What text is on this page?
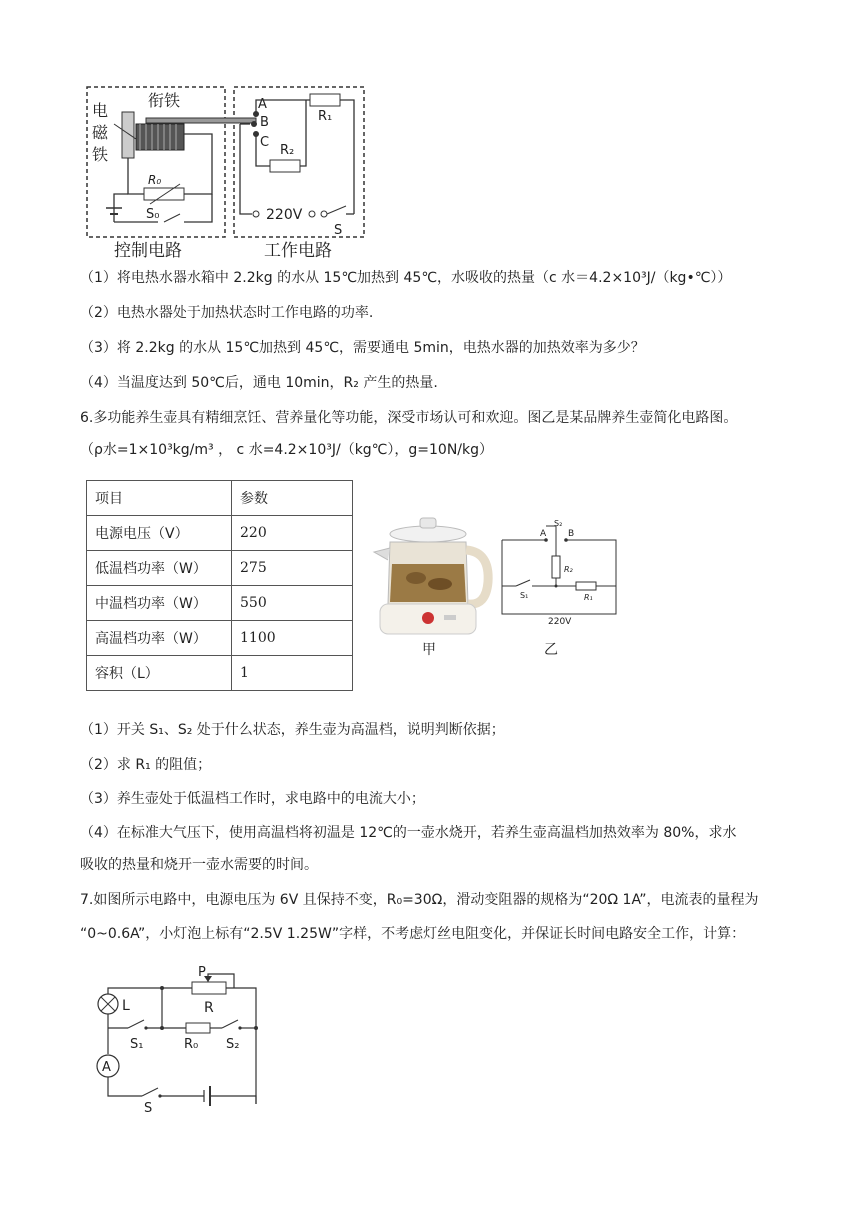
电
磁
铁
衔铁
R₀
S₀
A
B
C
R₁
R₂
220V
S
控制电路	工作电路
（1）将电热水器水箱中 2.2kg 的水从 15℃加热到 45℃，水吸收的热量（c 水＝4.2×10³J/（kg•℃））
（2）电热水器处于加热状态时工作电路的功率.
（3）将 2.2kg 的水从 15℃加热到 45℃，需要通电 5min，电热水器的加热效率为多少？
（4）当温度达到 50℃后，通电 10min，R₂ 产生的热量.
6.多功能养生壶具有精细烹饪、营养量化等功能，深受市场认可和欢迎。图乙是某品牌养生壶简化电路图。
（ρ水=1×10³kg/m³ ， c 水=4.2×10³J/（kg℃），g=10N/kg）
项目	参数
电源电压（V）	220
低温档功率（W）	275
中温档功率（W）	550
高温档功率（W）	1100
容积（L）	1
甲
A B
S₂
R₂
S₁	R₁
220V
乙
（1）开关 S₁、S₂ 处于什么状态，养生壶为高温档，说明判断依据；
（2）求 R₁ 的阻值；
（3）养生壶处于低温档工作时，求电路中的电流大小；
（4）在标准大气压下，使用高温档将初温是 12℃的一壶水烧开，若养生壶高温档加热效率为 80%，求水
吸收的热量和烧开一壶水需要的时间。
7.如图所示电路中，电源电压为 6V 且保持不变，R₀=30Ω，滑动变阻器的规格为“20Ω 1A”，电流表的量程为
“0~0.6A”，小灯泡上标有“2.5V 1.25W”字样，不考虑灯丝电阻变化，并保证长时间电路安全工作，计算：
P
R
L
S₁	R₀ S₂
A
S
